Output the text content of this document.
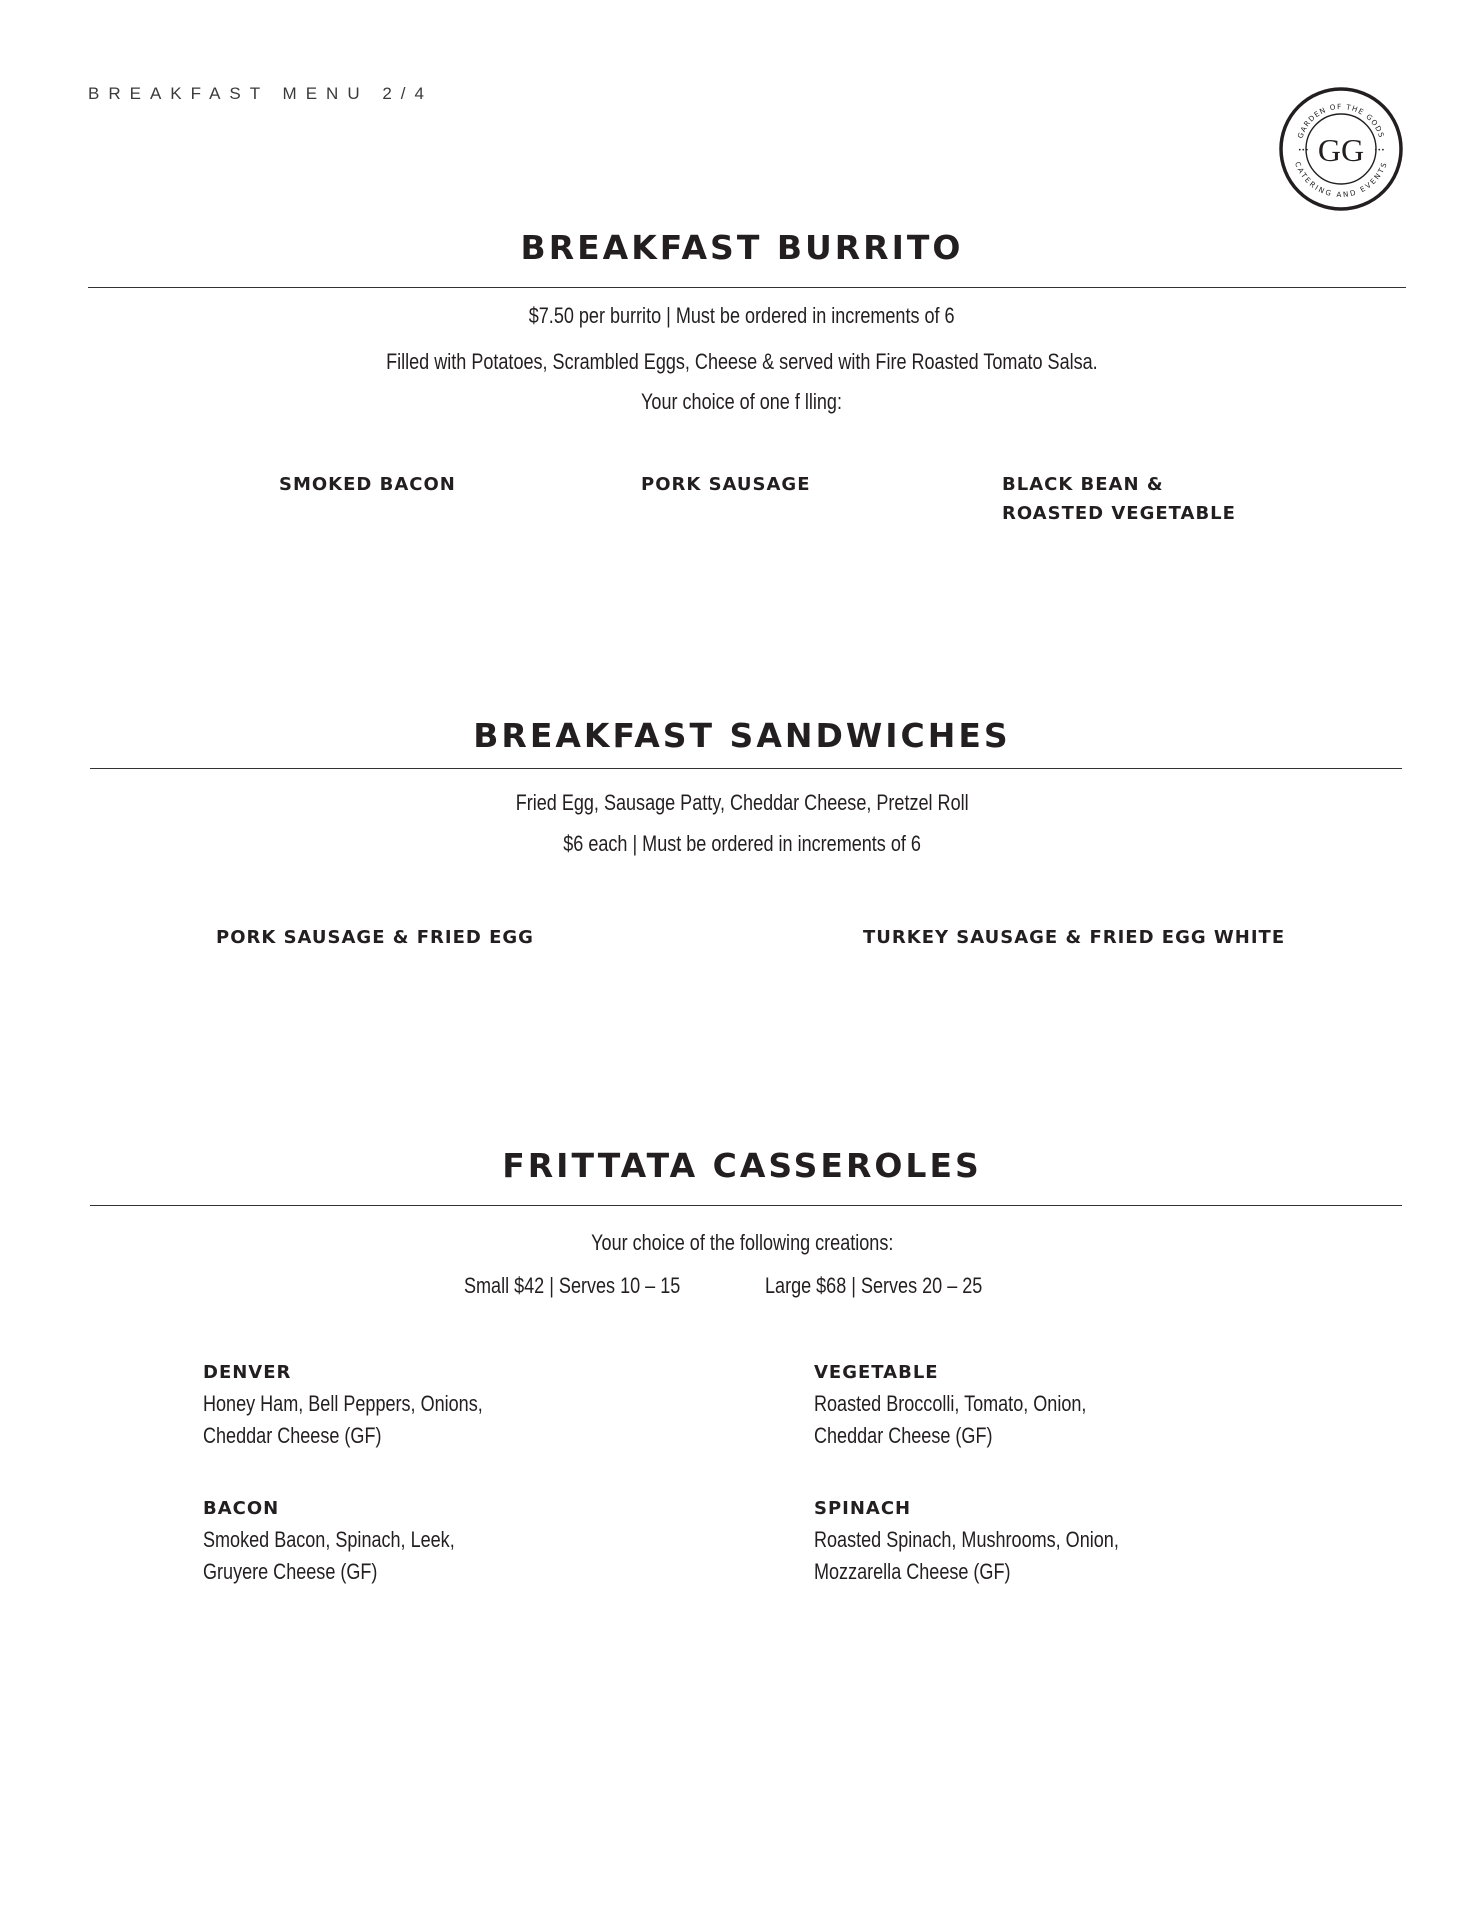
BREAKFAST MENU 2/4
GG
GARDEN OF THE GODS
CATERING AND EVENTS
•••	•••
BREAKFAST BURRITO
$7.50 per burrito | Must be ordered in increments of 6
Filled with Potatoes, Scrambled Eggs, Cheese & served with Fire Roasted Tomato Salsa.
Your choice of one f lling:
SMOKED BACON	PORK SAUSAGE	BLACK BEAN &
ROASTED VEGETABLE
BREAKFAST SANDWICHES
Fried Egg, Sausage Patty, Cheddar Cheese, Pretzel Roll
$6 each | Must be ordered in increments of 6
PORK SAUSAGE & FRIED EGG	TURKEY SAUSAGE & FRIED EGG WHITE
FRITTATA CASSEROLES
Your choice of the following creations:
Small $42 | Serves 10 – 15	Large $68 | Serves 20 – 25
DENVER
Honey Ham, Bell Peppers, Onions,
Cheddar Cheese (GF)
VEGETABLE
Roasted Broccolli, Tomato, Onion,
Cheddar Cheese (GF)
BACON
Smoked Bacon, Spinach, Leek,
Gruyere Cheese (GF)
SPINACH
Roasted Spinach, Mushrooms, Onion,
Mozzarella Cheese (GF)
